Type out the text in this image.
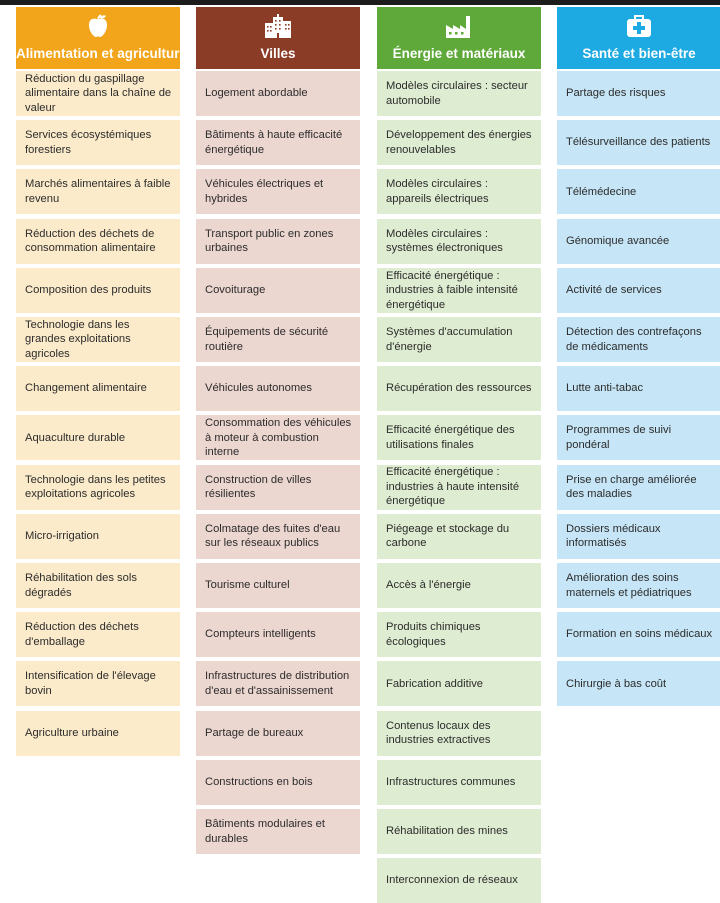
Alimentation et agriculture
Réduction du gaspillage alimentaire dans la chaîne de valeur
Services écosystémiques forestiers
Marchés alimentaires à faible revenu
Réduction des déchets de consommation alimentaire
Composition des produits
Technologie dans les grandes exploitations agricoles
Changement alimentaire
Aquaculture durable
Technologie dans les petites exploitations agricoles
Micro-irrigation
Réhabilitation des sols dégradés
Réduction des déchets d'emballage
Intensification de l'élevage bovin
Agriculture urbaine
Villes
Logement abordable
Bâtiments à haute efficacité énergétique
Véhicules électriques et hybrides
Transport public en zones urbaines
Covoiturage
Équipements de sécurité routière
Véhicules autonomes
Consommation des véhicules à moteur à combustion interne
Construction de villes résilientes
Colmatage des fuites d'eau sur les réseaux publics
Tourisme culturel
Compteurs intelligents
Infrastructures de distribution d'eau et d'assainissement
Partage de bureaux
Constructions en bois
Bâtiments modulaires et durables
Énergie et matériaux
Modèles circulaires : secteur automobile
Développement des énergies renouvelables
Modèles circulaires : appareils électriques
Modèles circulaires : systèmes électroniques
Efficacité énergétique : industries à faible intensité énergétique
Systèmes d'accumulation d'énergie
Récupération des ressources
Efficacité énergétique des utilisations finales
Efficacité énergétique : industries à haute intensité énergétique
Piégeage et stockage du carbone
Accès à l'énergie
Produits chimiques écologiques
Fabrication additive
Contenus locaux des industries extractives
Infrastructures communes
Réhabilitation des mines
Interconnexion de réseaux
Santé et bien-être
Partage des risques
Télésurveillance des patients
Télémédecine
Génomique avancée
Activité de services
Détection des contrefaçons de médicaments
Lutte anti-tabac
Programmes de suivi pondéral
Prise en charge améliorée des maladies
Dossiers médicaux informatisés
Amélioration des soins maternels et pédiatriques
Formation en soins médicaux
Chirurgie à bas coût
